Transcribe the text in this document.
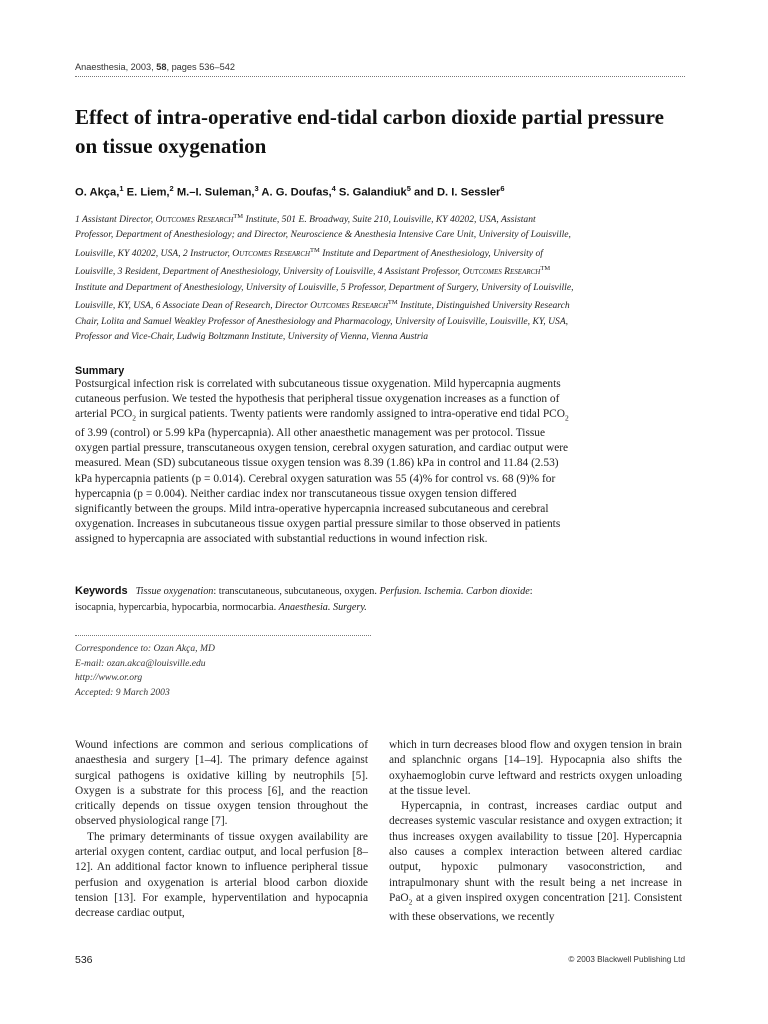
Anaesthesia, 2003, 58, pages 536–542
Effect of intra-operative end-tidal carbon dioxide partial pressure on tissue oxygenation
O. Akça,$^1$ E. Liem,$^2$ M.–I. Suleman,$^3$ A. G. Doufas,$^4$ S. Galandiuk$^5$ and D. I. Sessler$^6$

1 Assistant Director, Outcomes Research™ Institute, 501 E. Broadway, Suite 210, Louisville, KY 40202, USA, Assistant Professor, Department of Anesthesiology; and Director, Neuroscience & Anesthesia Intensive Care Unit, University of Louisville, Louisville, KY 40202, USA, 2 Instructor, Outcomes Research™ Institute and Department of Anesthesiology, University of Louisville, 3 Resident, Department of Anesthesiology, University of Louisville, 4 Assistant Professor, Outcomes Research™ Institute and Department of Anesthesiology, University of Louisville, 5 Professor, Department of Surgery, University of Louisville, Louisville, KY, USA, 6 Associate Dean of Research, Director Outcomes Research™ Institute, Distinguished University Research Chair, Lolita and Samuel Weakley Professor of Anesthesiology and Pharmacology, University of Louisville, Louisville, KY, USA, Professor and Vice-Chair, Ludwig Boltzmann Institute, University of Vienna, Vienna Austria

Summary

Postsurgical infection risk is correlated with subcutaneous tissue oxygenation. Mild hypercapnia augments cutaneous perfusion. We tested the hypothesis that peripheral tissue oxygenation increases as a function of arterial $PCO_2$ in surgical patients. Twenty patients were randomly assigned to intra-operative end tidal $PCO_2$ of 3.99 (control) or 5.99 kPa (hypercapnia). All other anaesthetic management was per protocol. Tissue oxygen partial pressure, transcutaneous oxygen tension, cerebral oxygen saturation, and cardiac output were measured. Mean (SD) subcutaneous tissue oxygen tension was 8.39 (1.86) kPa in control and 11.84 (2.53) kPa hypercapnia patients (p = 0.014). Cerebral oxygen saturation was 55 (4)% for control vs. 68 (9)% for hypercapnia (p = 0.004). Neither cardiac index nor transcutaneous tissue oxygen tension differed significantly between the groups. Mild intra-operative hypercapnia increased subcutaneous and cerebral oxygenation. Increases in subcutaneous tissue oxygen partial pressure similar to those observed in patients assigned to hypercapnia are associated with substantial reductions in wound infection risk.

Keywords Tissue oxygenation: transcutaneous, subcutaneous, oxygen. Perfusion. Ischemia. Carbon dioxide: isocapnia, hypercarbia, hypocarbia, normocarbia. Anaesthesia. Surgery.

Correspondence to: Ozan Akça, MD
E-mail: ozan.akca@louisville.edu
http://www.or.org
Accepted: 9 March 2003

Wound infections are common and serious complications of anaesthesia and surgery [1–4]. The primary defence against surgical pathogens is oxidative killing by neutrophils [5]. Oxygen is a substrate for this process [6], and the reaction critically depends on tissue oxygen tension throughout the observed physiological range [7].

The primary determinants of tissue oxygen availability are arterial oxygen content, cardiac output, and local perfusion [8–12]. An additional factor known to influence peripheral tissue perfusion and oxygenation is arterial blood carbon dioxide tension [13]. For example, hyperventilation and hypocapnia decrease cardiac output,

which in turn decreases blood flow and oxygen tension in brain and splanchnic organs [14–19]. Hypocapnia also shifts the oxyhaemoglobin curve leftward and restricts oxygen unloading at the tissue level.

Hypercapnia, in contrast, increases cardiac output and decreases systemic vascular resistance and oxygen extraction; it thus increases oxygen availability to tissue [20]. Hypercapnia also causes a complex interaction between altered cardiac output, hypoxic pulmonary vasoconstriction, and intrapulmonary shunt with the result being a net increase in PaO$_2$ at a given inspired oxygen concentration [21]. Consistent with these observations, we recently

536	© 2003 Blackwell Publishing Ltd
